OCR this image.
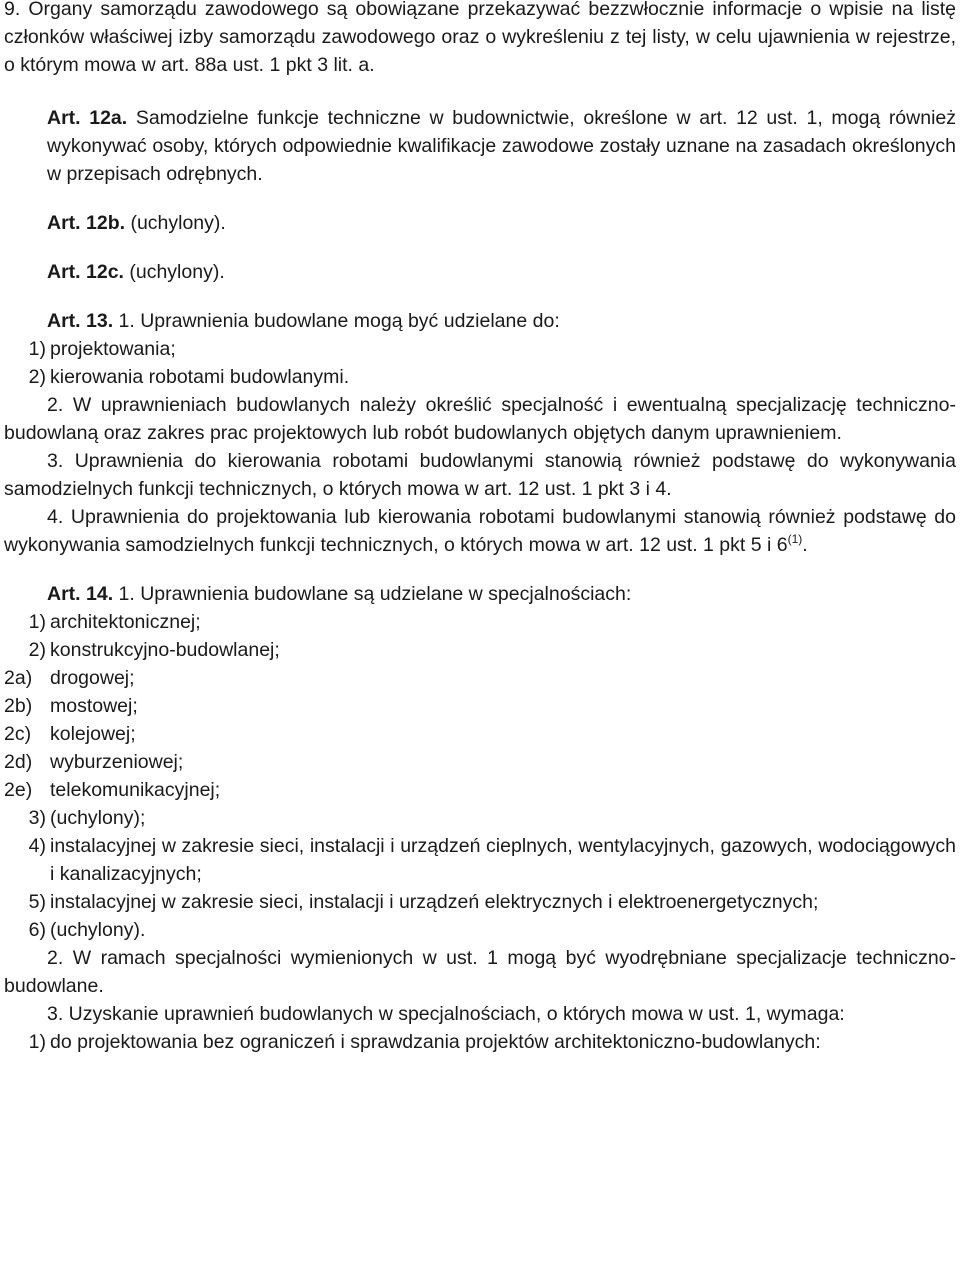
9. Organy samorządu zawodowego są obowiązane przekazywać bezzwłocznie informacje o wpisie na listę członków właściwej izby samorządu zawodowego oraz o wykreśleniu z tej listy, w celu ujawnienia w rejestrze, o którym mowa w art. 88a ust. 1 pkt 3 lit. a.

Art. 12a. Samodzielne funkcje techniczne w budownictwie, określone w art. 12 ust. 1, mogą również wykonywać osoby, których odpowiednie kwalifikacje zawodowe zostały uznane na zasadach określonych w przepisach odrębnych.

Art. 12b. (uchylony).

Art. 12c. (uchylony).

Art. 13. 1. Uprawnienia budowlane mogą być udzielane do:

1) projektowania;
2) kierowania robotami budowlanymi.

2. W uprawnieniach budowlanych należy określić specjalność i ewentualną specjalizację techniczno-budowlaną oraz zakres prac projektowych lub robót budowlanych objętych danym uprawnieniem.

3. Uprawnienia do kierowania robotami budowlanymi stanowią również podstawę do wykonywania samodzielnych funkcji technicznych, o których mowa w art. 12 ust. 1 pkt 3 i 4.

4. Uprawnienia do projektowania lub kierowania robotami budowlanymi stanowią również podstawę do wykonywania samodzielnych funkcji technicznych, o których mowa w art. 12 ust. 1 pkt 5 i 6$^{(1)}$.

Art. 14. 1. Uprawnienia budowlane są udzielane w specjalnościach:

1) architektonicznej;
2) konstrukcyjno-budowlanej;
2a) drogowej;
2b) mostowej;
2c) kolejowej;
2d) wyburzeniowej;
2e) telekomunikacyjnej;
3) (uchylony);
4) instalacyjnej w zakresie sieci, instalacji i urządzeń cieplnych, wentylacyjnych, gazowych, wodociągowych i kanalizacyjnych;
5) instalacyjnej w zakresie sieci, instalacji i urządzeń elektrycznych i elektroenergetycznych;
6) (uchylony).

2. W ramach specjalności wymienionych w ust. 1 mogą być wyodrębniane specjalizacje techniczno-budowlane.

3. Uzyskanie uprawnień budowlanych w specjalnościach, o których mowa w ust. 1, wymaga:

1) do projektowania bez ograniczeń i sprawdzania projektów architektoniczno-budowlanych:
